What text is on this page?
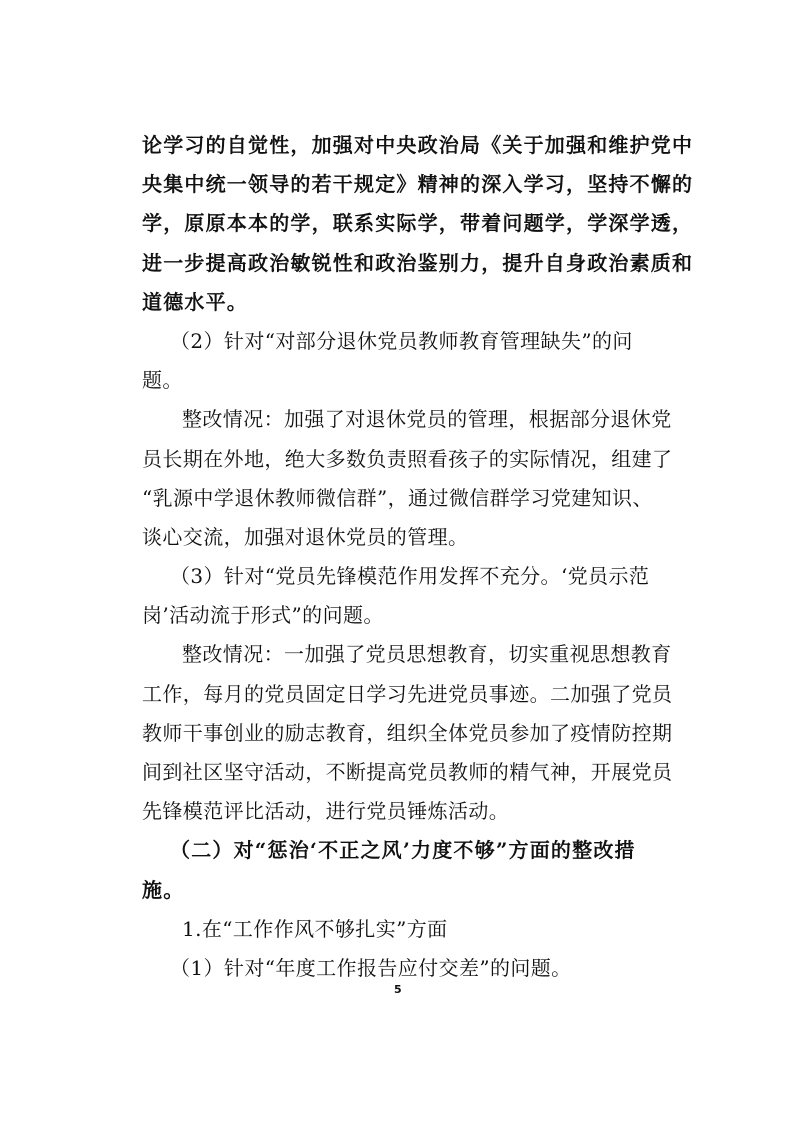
论学习的自觉性，加强对中央政治局《关于加强和维护党中
央集中统一领导的若干规定》精神的深入学习，坚持不懈的
学，原原本本的学，联系实际学，带着问题学，学深学透，
进一步提高政治敏锐性和政治鉴别力，提升自身政治素质和
道德水平。
（2）针对“对部分退休党员教师教育管理缺失”的问
题。
整改情况：加强了对退休党员的管理，根据部分退休党
员长期在外地，绝大多数负责照看孩子的实际情况，组建了
“乳源中学退休教师微信群”，通过微信群学习党建知识、
谈心交流，加强对退休党员的管理。
（3）针对“党员先锋模范作用发挥不充分。‘党员示范
岗’活动流于形式”的问题。
整改情况：一加强了党员思想教育，切实重视思想教育
工作，每月的党员固定日学习先进党员事迹。二加强了党员
教师干事创业的励志教育，组织全体党员参加了疫情防控期
间到社区坚守活动，不断提高党员教师的精气神，开展党员
先锋模范评比活动，进行党员锤炼活动。
（二）对“惩治‘不正之风’力度不够”方面的整改措
施。
1.在“工作作风不够扎实”方面
（1）针对“年度工作报告应付交差”的问题。
5
